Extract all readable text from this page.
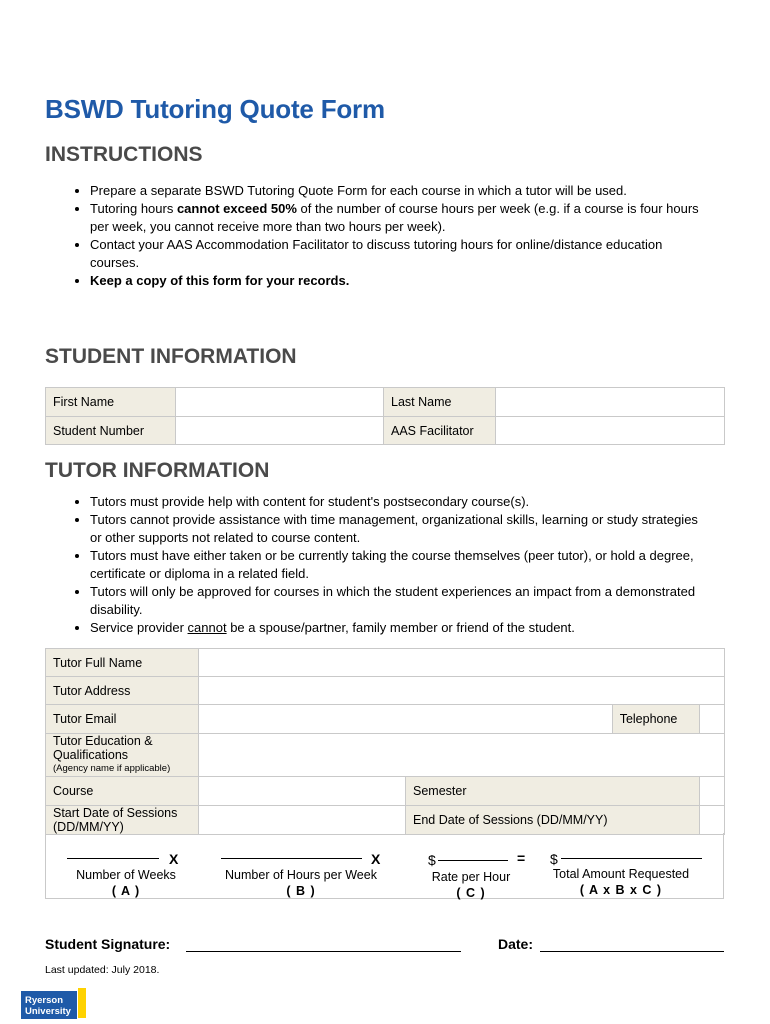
BSWD Tutoring Quote Form
INSTRUCTIONS
• Prepare a separate BSWD Tutoring Quote Form for each course in which a tutor will be used.
• Tutoring hours cannot exceed 50% of the number of course hours per week (e.g. if a course is four hours per week, you cannot receive more than two hours per week).
• Contact your AAS Accommodation Facilitator to discuss tutoring hours for online/distance education courses.
• Keep a copy of this form for your records.
STUDENT INFORMATION
First Name		Last Name	
Student Number		AAS Facilitator	
TUTOR INFORMATION
• Tutors must provide help with content for student's postsecondary course(s).
• Tutors cannot provide assistance with time management, organizational skills, learning or study strategies or other supports not related to course content.
• Tutors must have either taken or be currently taking the course themselves (peer tutor), or hold a degree, certificate or diploma in a related field.
• Tutors will only be approved for courses in which the student experiences an impact from a demonstrated disability.
• Service provider cannot be a spouse/partner, family member or friend of the student.
Tutor Full Name				
Tutor Address				
Tutor Email			Telephone	

Tutor Education & Qualifications
(Agency name if applicable)				

Course		Semester		
Start Date of Sessions (DD/MM/YY)		End Date of Sessions (DD/MM/YY)		
X
Number of Weeks
( A )
X
Number of Hours per Week
( B )
$	=
Rate per Hour
( C )
$
Total Amount Requested
( A x B x C )
Student Signature:	Date:
Last updated: July 2018.
Ryerson
University
